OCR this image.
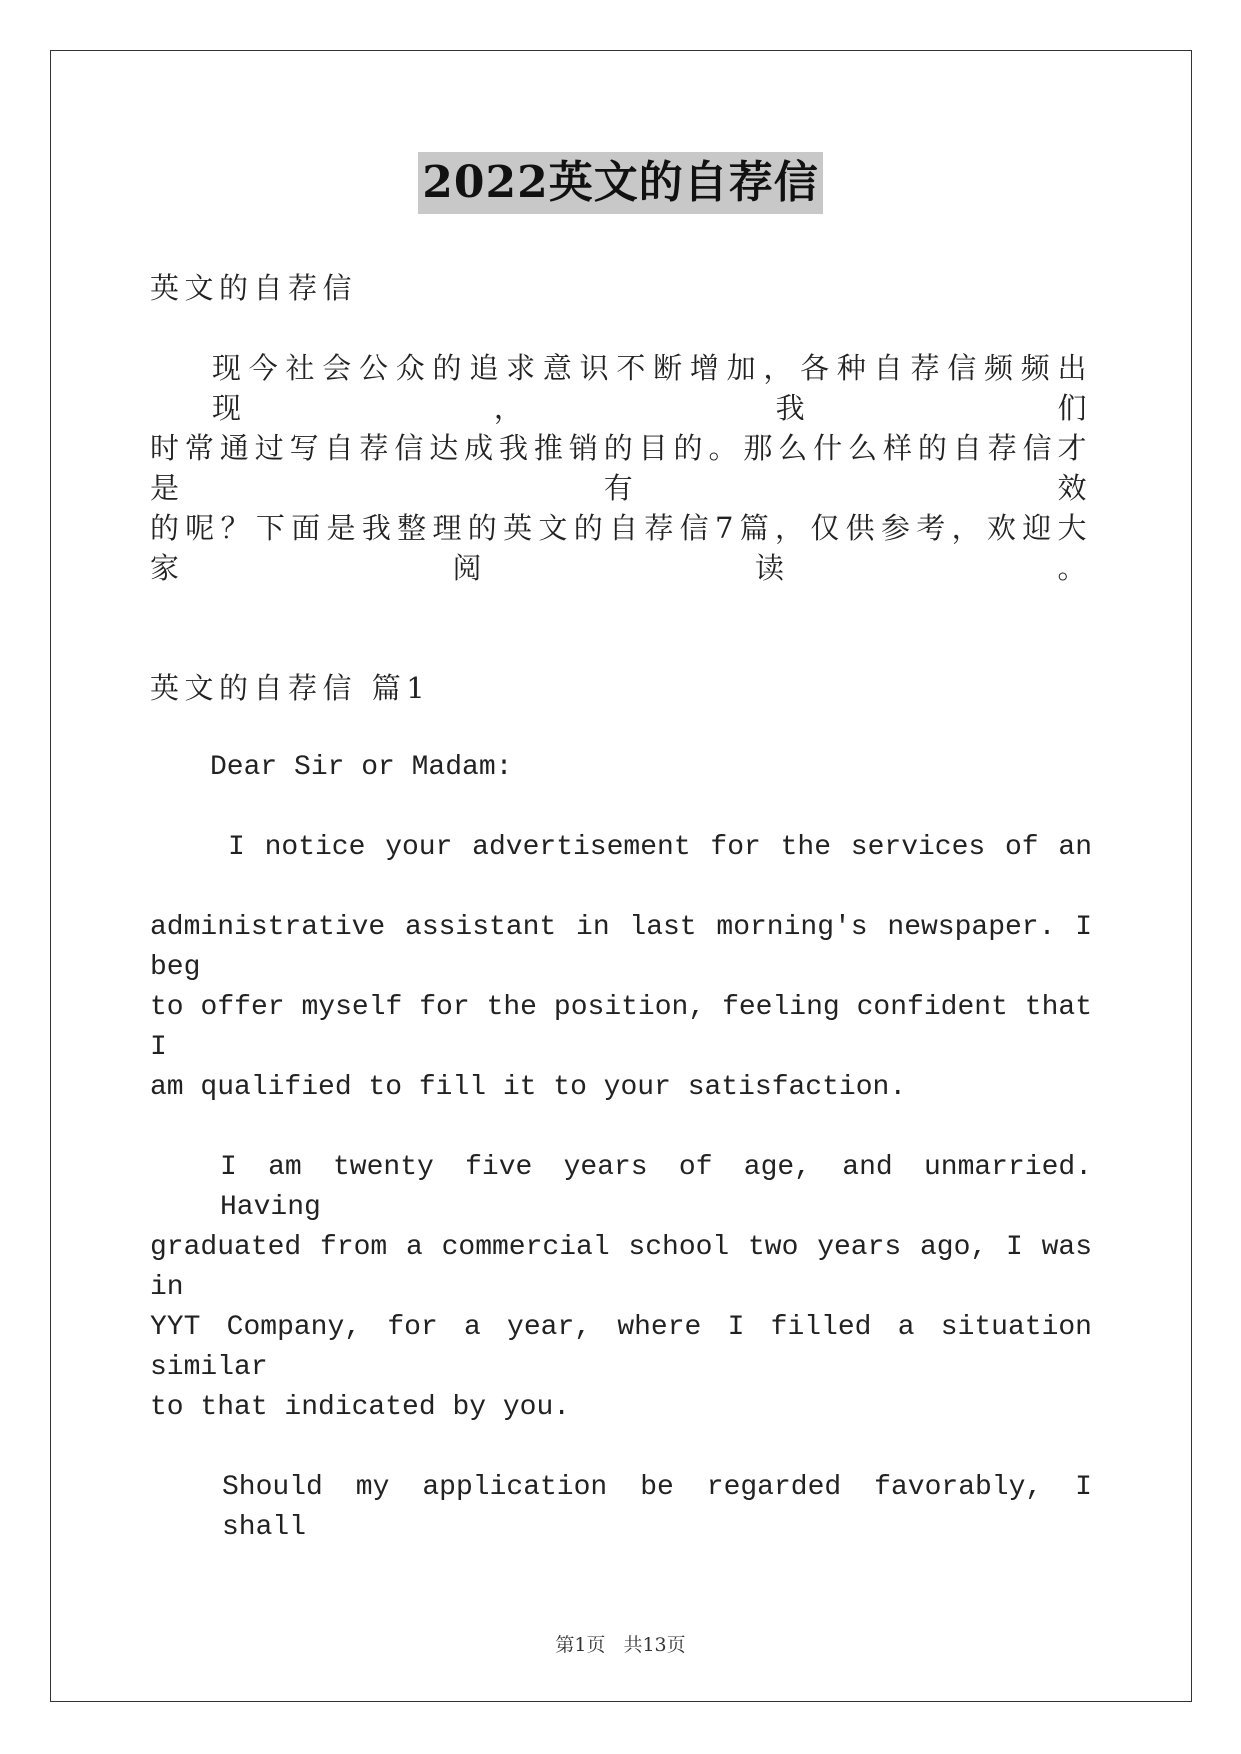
2022英文的自荐信
英文的自荐信
现今社会公众的追求意识不断增加，各种自荐信频频出现，我们
时常通过写自荐信达成我推销的目的。那么什么样的自荐信才是有效
的呢？下面是我整理的英文的自荐信7篇，仅供参考，欢迎大家阅读。
英文的自荐信 篇1
Dear Sir or Madam:
I notice your advertisement for the services of an
administrative assistant in last morning's newspaper. I beg
to offer myself for the position, feeling confident that I
am qualified to fill it to your satisfaction.
I am twenty five years of age, and unmarried. Having
graduated from a commercial school two years ago, I was in
YYT Company, for a year, where I filled a situation similar
to that indicated by you.
Should my application be regarded favorably, I shall
第1页 共13页
